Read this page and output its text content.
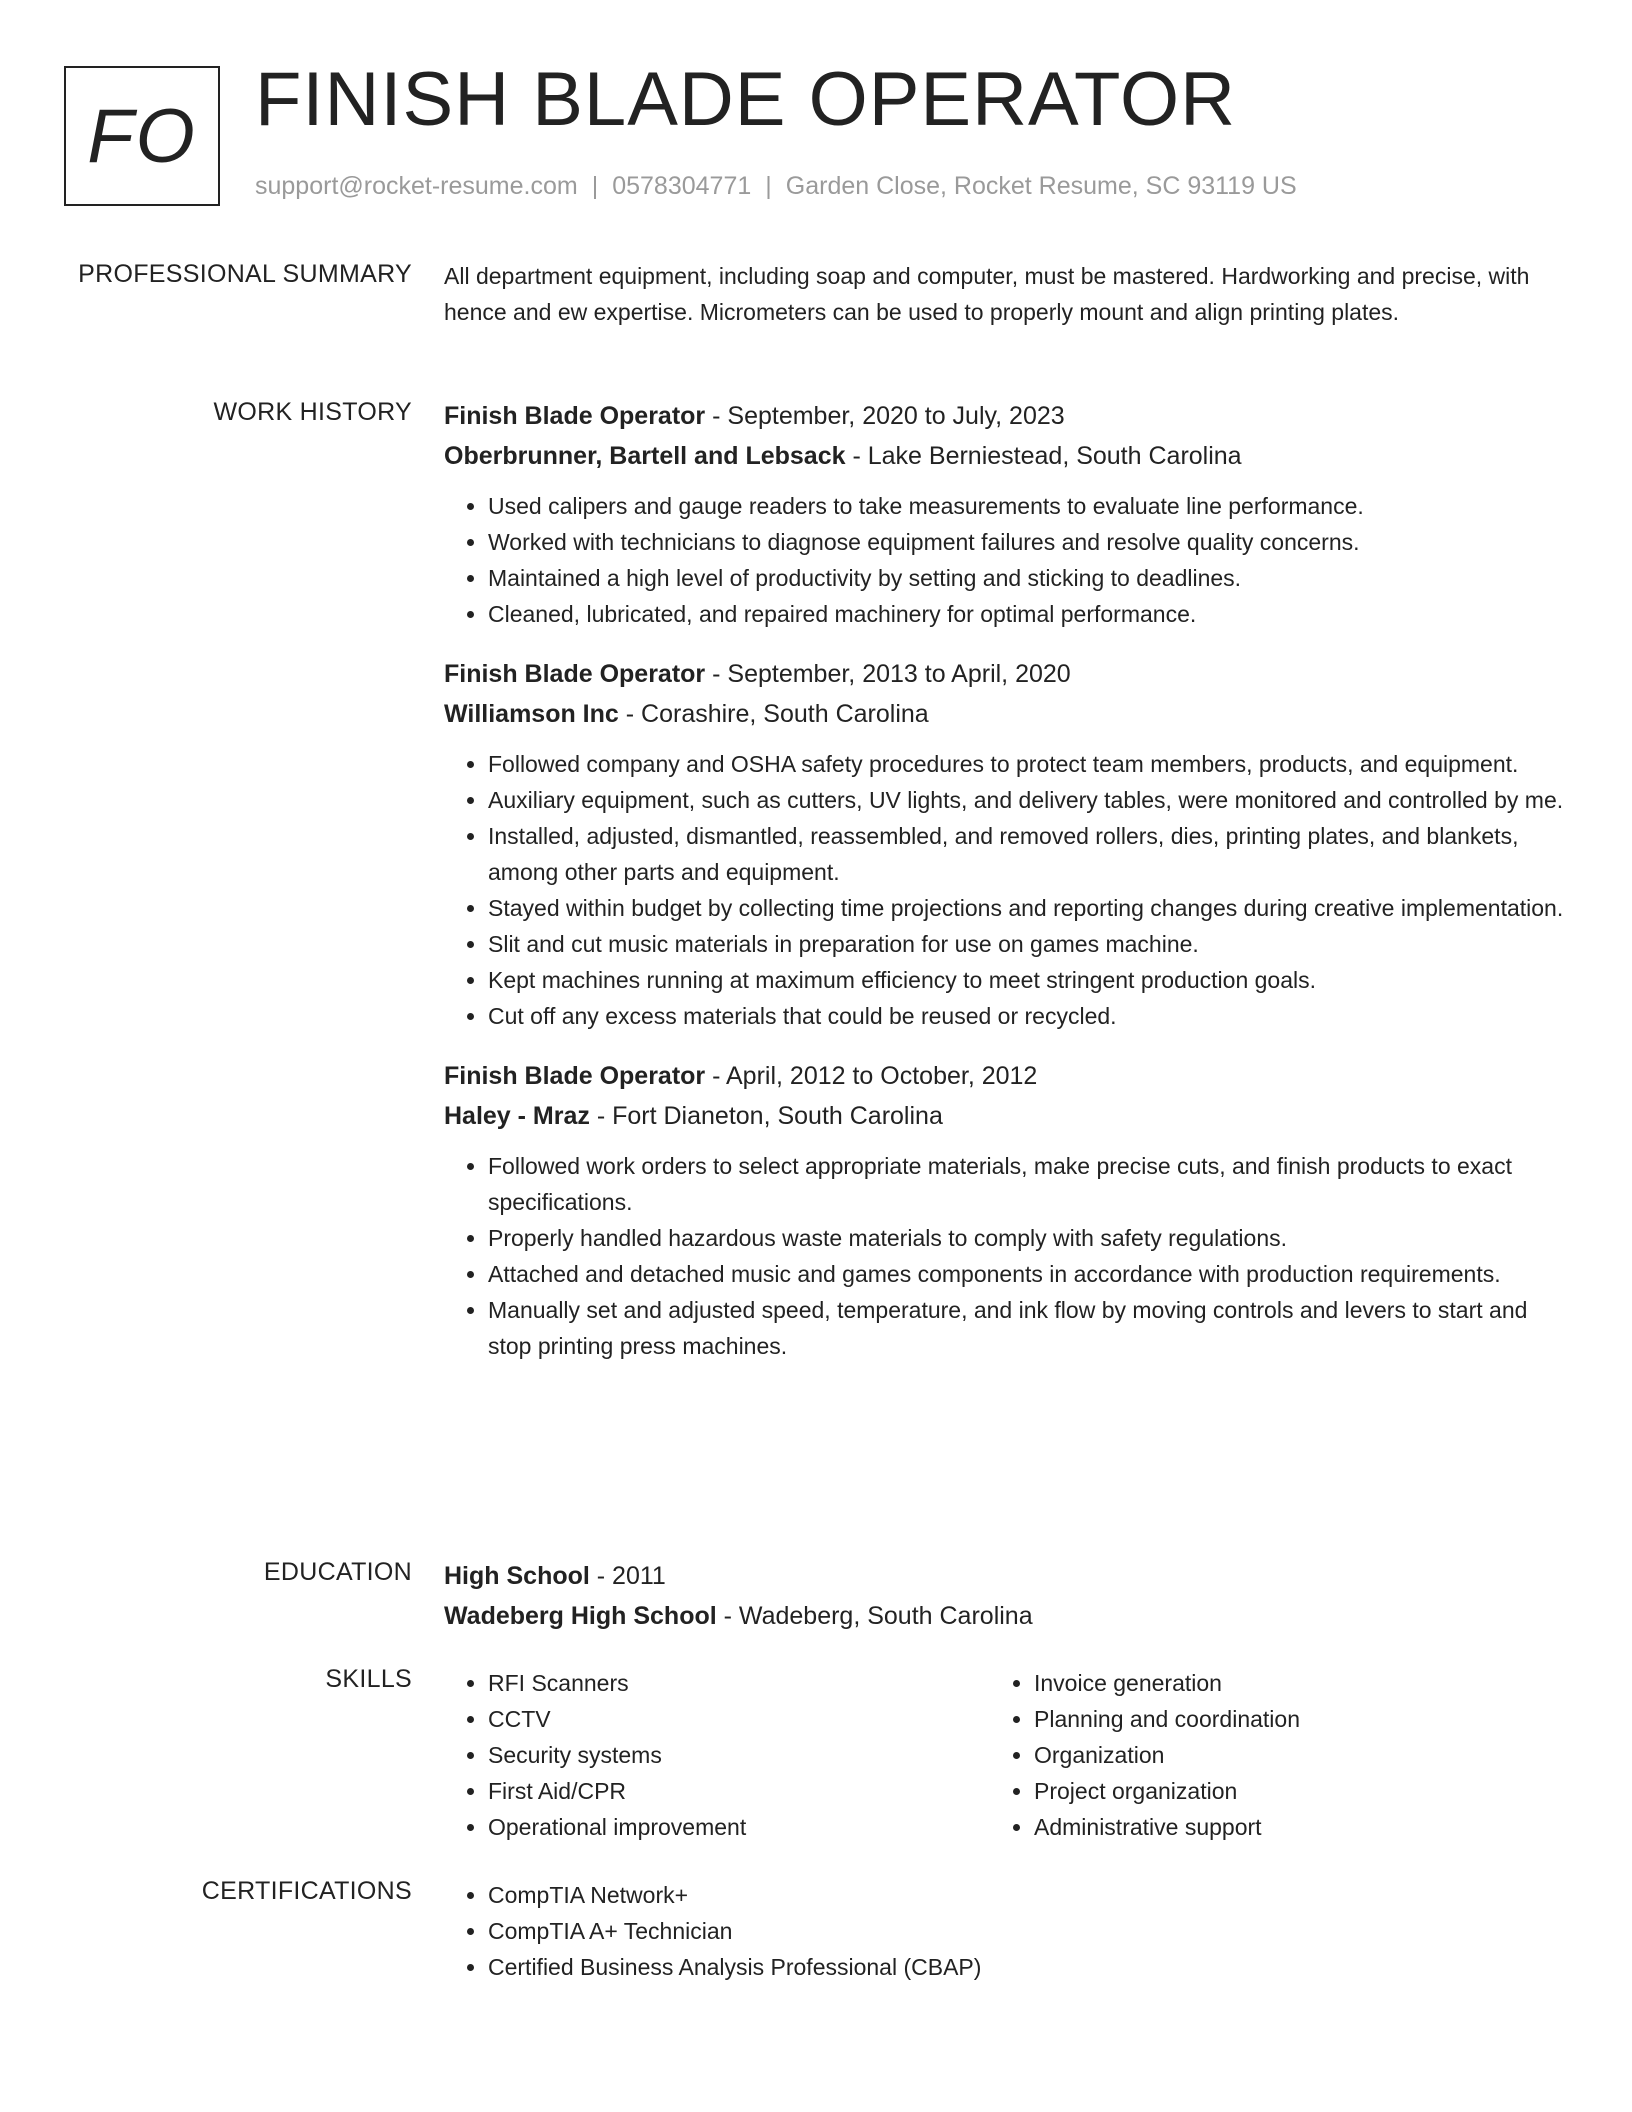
FO FINISH BLADE OPERATOR
support@rocket-resume.com | 0578304771 | Garden Close, Rocket Resume, SC 93119 US
PROFESSIONAL SUMMARY All department equipment, including soap and computer, must be mastered. Hardworking and precise, with hence and ew expertise. Micrometers can be used to properly mount and align printing plates.

WORK HISTORY Finish Blade Operator - September, 2020 to July, 2023

Oberbrunner, Bartell and Lebsack - Lake Berniestead, South Carolina

• Used calipers and gauge readers to take measurements to evaluate line performance.
• Worked with technicians to diagnose equipment failures and resolve quality concerns.
• Maintained a high level of productivity by setting and sticking to deadlines.
• Cleaned, lubricated, and repaired machinery for optimal performance.

Finish Blade Operator - September, 2013 to April, 2020

Williamson Inc - Corashire, South Carolina

• Followed company and OSHA safety procedures to protect team members, products, and equipment.
• Auxiliary equipment, such as cutters, UV lights, and delivery tables, were monitored and controlled by me.
• Installed, adjusted, dismantled, reassembled, and removed rollers, dies, printing plates, and blankets, among other parts and equipment.
• Stayed within budget by collecting time projections and reporting changes during creative implementation.
• Slit and cut music materials in preparation for use on games machine.
• Kept machines running at maximum efficiency to meet stringent production goals.
• Cut off any excess materials that could be reused or recycled.

Finish Blade Operator - April, 2012 to October, 2012

Haley - Mraz - Fort Dianeton, South Carolina

• Followed work orders to select appropriate materials, make precise cuts, and finish products to exact specifications.
• Properly handled hazardous waste materials to comply with safety regulations.
• Attached and detached music and games components in accordance with production requirements.
• Manually set and adjusted speed, temperature, and ink flow by moving controls and levers to start and stop printing press machines.
EDUCATION High School - 2011

Wadeberg High School - Wadeberg, South Carolina

SKILLS	• RFI Scanners
• CCTV
• Security systems
• First Aid/CPR
• Operational improvement
• Invoice generation
• Planning and coordination
• Organization
• Project organization
• Administrative support
CERTIFICATIONS	• CompTIA Network+
• CompTIA A+ Technician
• Certified Business Analysis Professional (CBAP)
